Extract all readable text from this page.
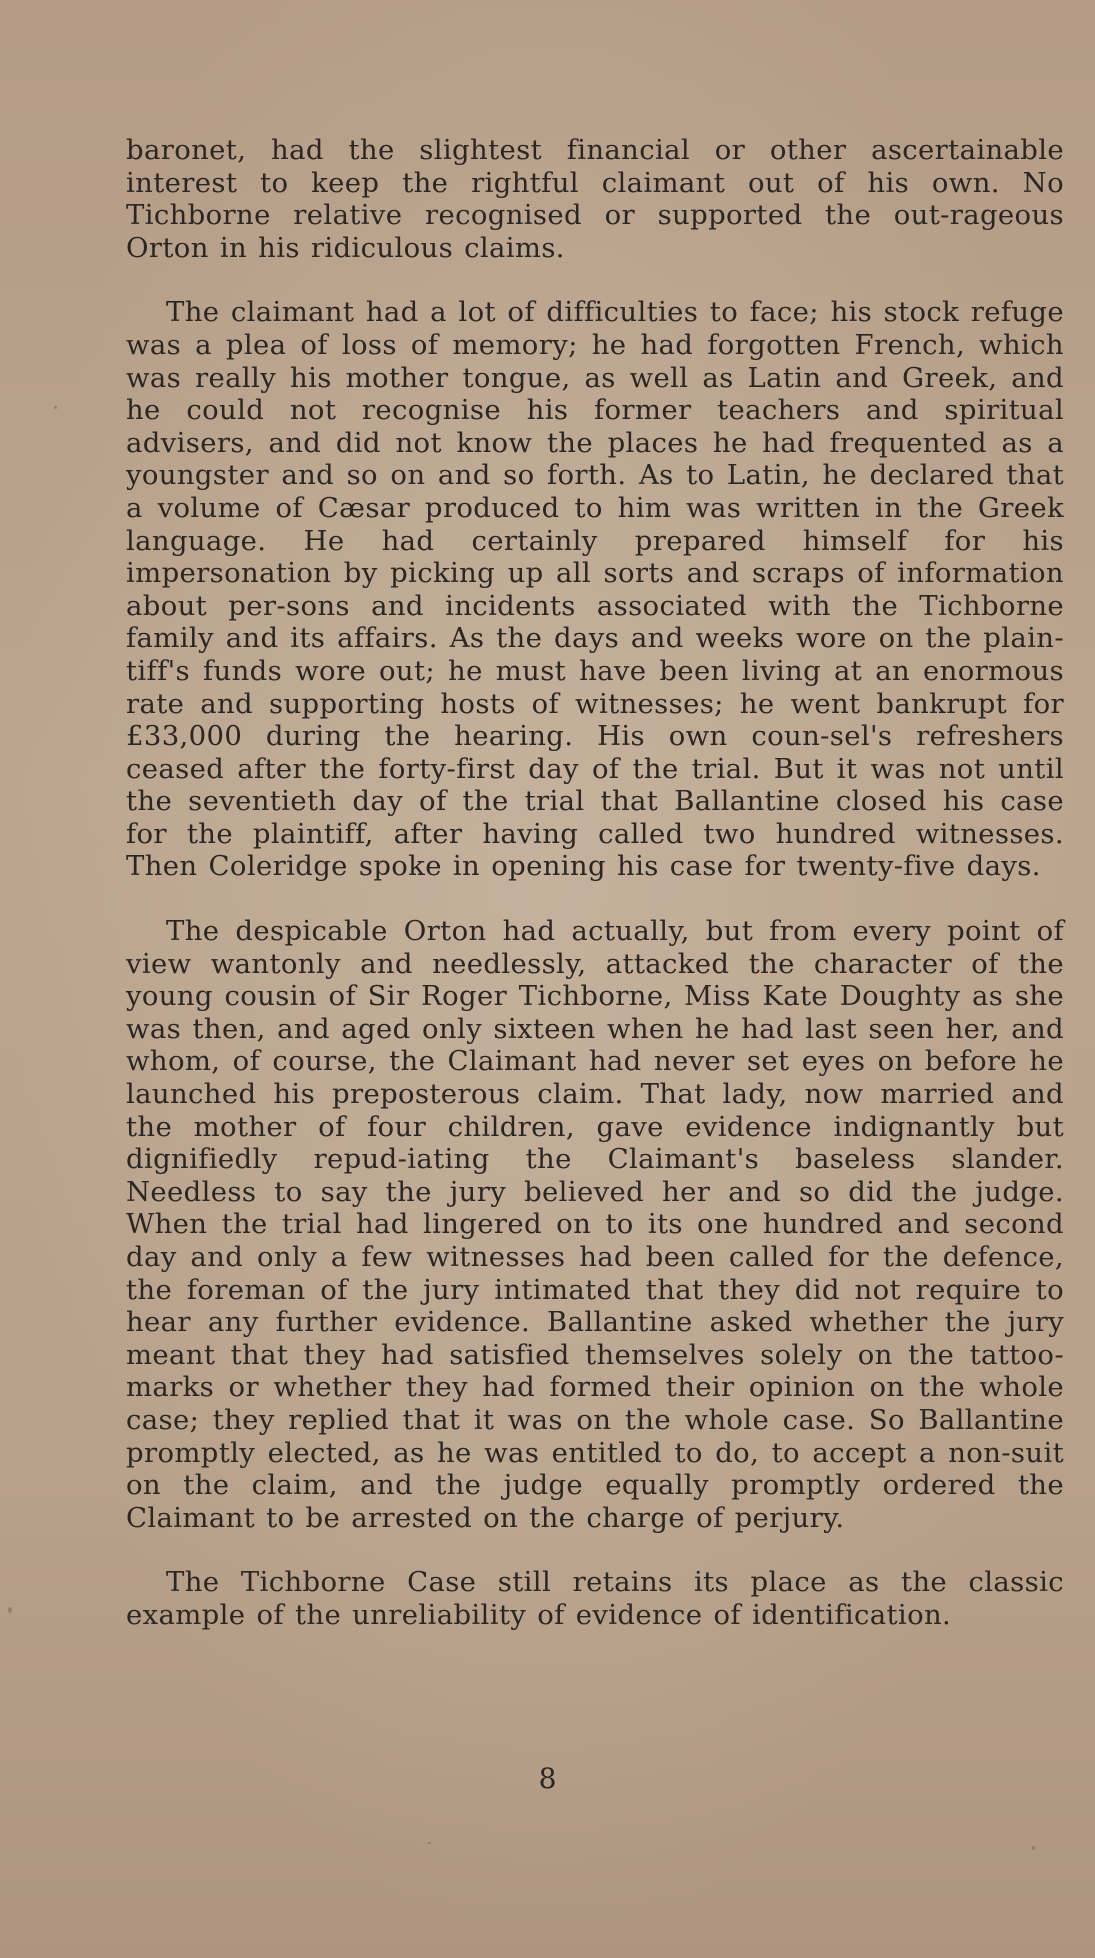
baronet, had the slightest financial or other ascertainable interest to keep the rightful claimant out of his own. No Tichborne relative recognised or supported the out-rageous Orton in his ridiculous claims.

The claimant had a lot of difficulties to face; his stock refuge was a plea of loss of memory; he had forgotten French, which was really his mother tongue, as well as Latin and Greek, and he could not recognise his former teachers and spiritual advisers, and did not know the places he had frequented as a youngster and so on and so forth. As to Latin, he declared that a volume of Cæsar produced to him was written in the Greek language. He had certainly prepared himself for his impersonation by picking up all sorts and scraps of information about per-sons and incidents associated with the Tichborne family and its affairs. As the days and weeks wore on the plain-tiff's funds wore out; he must have been living at an enormous rate and supporting hosts of witnesses; he went bankrupt for £33,000 during the hearing. His own coun-sel's refreshers ceased after the forty-first day of the trial. But it was not until the seventieth day of the trial that Ballantine closed his case for the plaintiff, after having called two hundred witnesses. Then Coleridge spoke in opening his case for twenty-five days.

The despicable Orton had actually, but from every point of view wantonly and needlessly, attacked the character of the young cousin of Sir Roger Tichborne, Miss Kate Doughty as she was then, and aged only sixteen when he had last seen her, and whom, of course, the Claimant had never set eyes on before he launched his preposterous claim. That lady, now married and the mother of four children, gave evidence indignantly but dignifiedly repud-iating the Claimant's baseless slander. Needless to say the jury believed her and so did the judge. When the trial had lingered on to its one hundred and second day and only a few witnesses had been called for the defence, the foreman of the jury intimated that they did not require to hear any further evidence. Ballantine asked whether the jury meant that they had satisfied themselves solely on the tattoo-marks or whether they had formed their opinion on the whole case; they replied that it was on the whole case. So Ballantine promptly elected, as he was entitled to do, to accept a non-suit on the claim, and the judge equally promptly ordered the Claimant to be arrested on the charge of perjury.

The Tichborne Case still retains its place as the classic example of the unreliability of evidence of identification.

8
